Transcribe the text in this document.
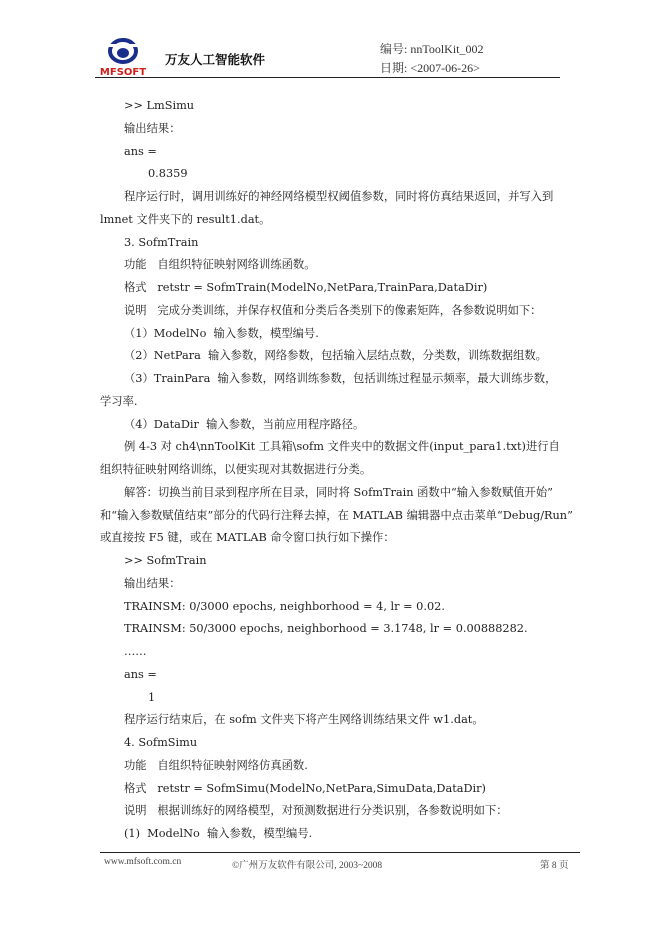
MFSOFT
万友人工智能软件
编号: nnToolKit_002
日期: <2007-06-26>
>> LmSimu
输出结果：
ans =
0.8359
程序运行时，调用训练好的神经网络模型权阈值参数，同时将仿真结果返回，并写入到
lmnet 文件夹下的 result1.dat。
3. SofmTrain
功能   自组织特征映射网络训练函数。
格式   retstr = SofmTrain(ModelNo,NetPara,TrainPara,DataDir)
说明   完成分类训练，并保存权值和分类后各类别下的像素矩阵，各参数说明如下：
（1）ModelNo  输入参数，模型编号.
（2）NetPara  输入参数，网络参数，包括输入层结点数，分类数，训练数据组数。
（3）TrainPara  输入参数，网络训练参数，包括训练过程显示频率，最大训练步数，
学习率.
（4）DataDir  输入参数，当前应用程序路径。
例 4-3 对 ch4\nnToolKit 工具箱\sofm 文件夹中的数据文件(input_para1.txt)进行自
组织特征映射网络训练，以便实现对其数据进行分类。
解答：切换当前目录到程序所在目录，同时将 SofmTrain 函数中“输入参数赋值开始”
和“输入参数赋值结束”部分的代码行注释去掉，在 MATLAB 编辑器中点击菜单“Debug/Run”
或直接按 F5 键，或在 MATLAB 命令窗口执行如下操作：
>> SofmTrain
输出结果：
TRAINSM: 0/3000 epochs, neighborhood = 4, lr = 0.02.
TRAINSM: 50/3000 epochs, neighborhood = 3.1748, lr = 0.00888282.
……
ans =
1
程序运行结束后，在 sofm 文件夹下将产生网络训练结果文件 w1.dat。
4. SofmSimu
功能   自组织特征映射网络仿真函数.
格式   retstr = SofmSimu(ModelNo,NetPara,SimuData,DataDir)
说明   根据训练好的网络模型，对预测数据进行分类识别，各参数说明如下：
(1)  ModelNo  输入参数，模型编号.
www.mfsoft.com.cn	©广州万友软件有限公司, 2003~2008	第 8 页
